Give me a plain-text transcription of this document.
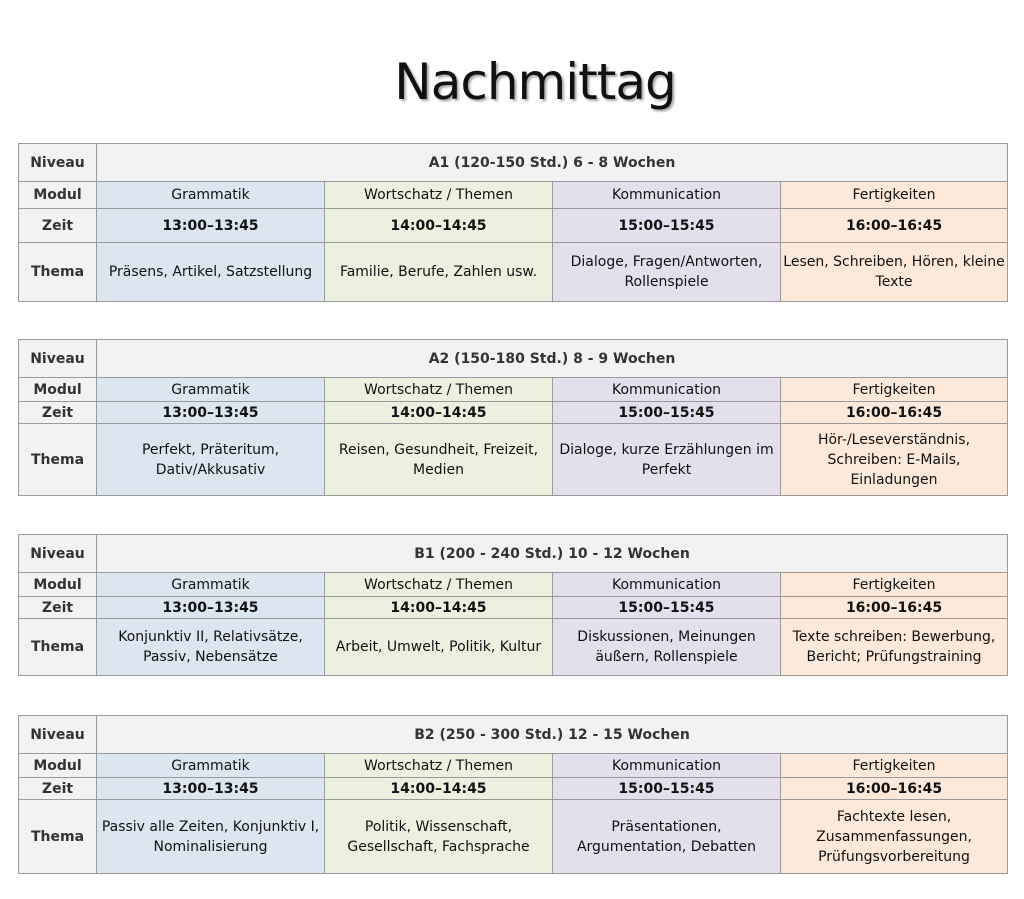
Nachmittag
Niveau	A1 (120-150 Std.) 6 - 8 Wochen			
Modul	Grammatik	Wortschatz / Themen	Kommunication	Fertigkeiten
Zeit	13:00–13:45	14:00–14:45	15:00–15:45	16:00–16:45
Thema	Präsens, Artikel, Satzstellung	Familie, Berufe, Zahlen usw.	Dialoge, Fragen/Antworten, Rollenspiele	Lesen, Schreiben, Hören, kleine Texte
Niveau	A2 (150-180 Std.) 8 - 9 Wochen			
Modul	Grammatik	Wortschatz / Themen	Kommunication	Fertigkeiten
Zeit	13:00–13:45	14:00–14:45	15:00–15:45	16:00–16:45
Thema	Perfekt, Präteritum, Dativ/Akkusativ	Reisen, Gesundheit, Freizeit, Medien	Dialoge, kurze Erzählungen im Perfekt	Hör-/Leseverständnis, Schreiben: E-Mails, Einladungen
Niveau	B1 (200 - 240 Std.) 10 - 12 Wochen			
Modul	Grammatik	Wortschatz / Themen	Kommunication	Fertigkeiten
Zeit	13:00–13:45	14:00–14:45	15:00–15:45	16:00–16:45
Thema	Konjunktiv II, Relativsätze, Passiv, Nebensätze	Arbeit, Umwelt, Politik, Kultur	Diskussionen, Meinungen äußern, Rollenspiele	Texte schreiben: Bewerbung, Bericht; Prüfungstraining
Niveau	B2 (250 - 300 Std.) 12 - 15 Wochen			
Modul	Grammatik	Wortschatz / Themen	Kommunication	Fertigkeiten
Zeit	13:00–13:45	14:00–14:45	15:00–15:45	16:00–16:45
Thema	Passiv alle Zeiten, Konjunktiv I, Nominalisierung	Politik, Wissenschaft, Gesellschaft, Fachsprache	Präsentationen, Argumentation, Debatten	Fachtexte lesen, Zusammenfassungen, Prüfungsvorbereitung
